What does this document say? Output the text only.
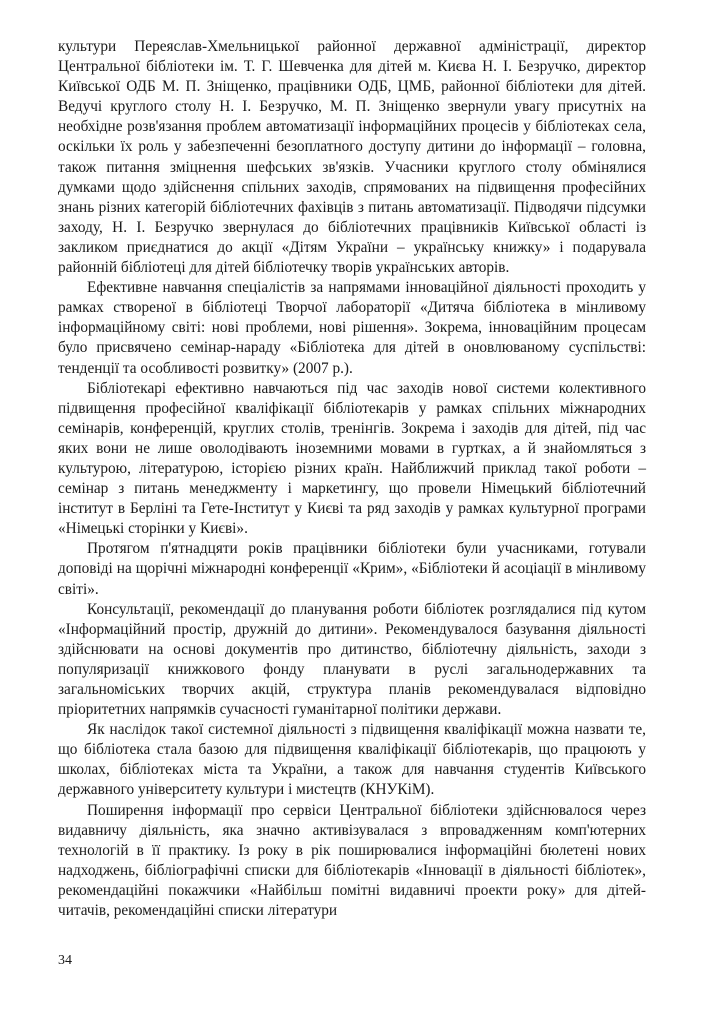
культури Переяслав-Хмельницької районної державної адміністрації, директор Центральної бібліотеки ім. Т. Г. Шевченка для дітей м. Києва Н. І. Безручко, директор Київської ОДБ М. П. Зніщенко, працівники ОДБ, ЦМБ, районної бібліотеки для дітей. Ведучі круглого столу Н. І. Безручко, М. П. Зніщенко звернули увагу присутніх на необхідне розв'язання проблем автоматизації інформаційних процесів у бібліотеках села, оскільки їх роль у забезпеченні безоплатного доступу дитини до інформації – головна, також питання зміцнення шефських зв'язків. Учасники круглого столу обмінялися думками щодо здійснення спільних заходів, спрямованих на підвищення професійних знань різних категорій бібліотечних фахівців з питань автоматизації. Підводячи підсумки заходу, Н. І. Безручко звернулася до бібліотечних працівників Київської області із закликом приєднатися до акції «Дітям України – українську книжку» і подарувала районній бібліотеці для дітей бібліотечку творів українських авторів.

Ефективне навчання спеціалістів за напрямами інноваційної діяльності проходить у рамках створеної в бібліотеці Творчої лабораторії «Дитяча бібліотека в мінливому інформаційному світі: нові проблеми, нові рішення». Зокрема, інноваційним процесам було присвячено семінар-нараду «Бібліотека для дітей в оновлюваному суспільстві: тенденції та особливості розвитку» (2007 р.).

Бібліотекарі ефективно навчаються під час заходів нової системи колективного підвищення професійної кваліфікації бібліотекарів у рамках спільних міжнародних семінарів, конференцій, круглих столів, тренінгів. Зокрема і заходів для дітей, під час яких вони не лише оволодівають іноземними мовами в гуртках, а й знайомляться з культурою, літературою, історією різних країн. Найближчий приклад такої роботи – семінар з питань менеджменту і маркетингу, що провели Німецький бібліотечний інститут в Берліні та Гете-Інститут у Києві та ряд заходів у рамках культурної програми «Німецькі сторінки у Києві».

Протягом п'ятнадцяти років працівники бібліотеки були учасниками, готували доповіді на щорічні міжнародні конференції «Крим», «Бібліотеки й асоціації в мінливому світі».

Консультації, рекомендації до планування роботи бібліотек розглядалися під кутом «Інформаційний простір, дружній до дитини». Рекомендувалося базування діяльності здійснювати на основі документів про дитинство, бібліотечну діяльність, заходи з популяризації книжкового фонду планувати в руслі загальнодержавних та загальноміських творчих акцій, структура планів рекомендувалася відповідно пріоритетних напрямків сучасності гуманітарної політики держави.

Як наслідок такої системної діяльності з підвищення кваліфікації можна назвати те, що бібліотека стала базою для підвищення кваліфікації бібліотекарів, що працюють у школах, бібліотеках міста та України, а також для навчання студентів Київського державного університету культури і мистецтв (КНУКіМ).

Поширення інформації про сервіси Центральної бібліотеки здійснювалося через видавничу діяльність, яка значно активізувалася з впровадженням комп'ютерних технологій в її практику. Із року в рік поширювалися інформаційні бюлетені нових надходжень, бібліографічні списки для бібліотекарів «Інновації в діяльності бібліотек», рекомендаційні покажчики «Найбільш помітні видавничі проекти року» для дітей-читачів, рекомендаційні списки літератури

34
